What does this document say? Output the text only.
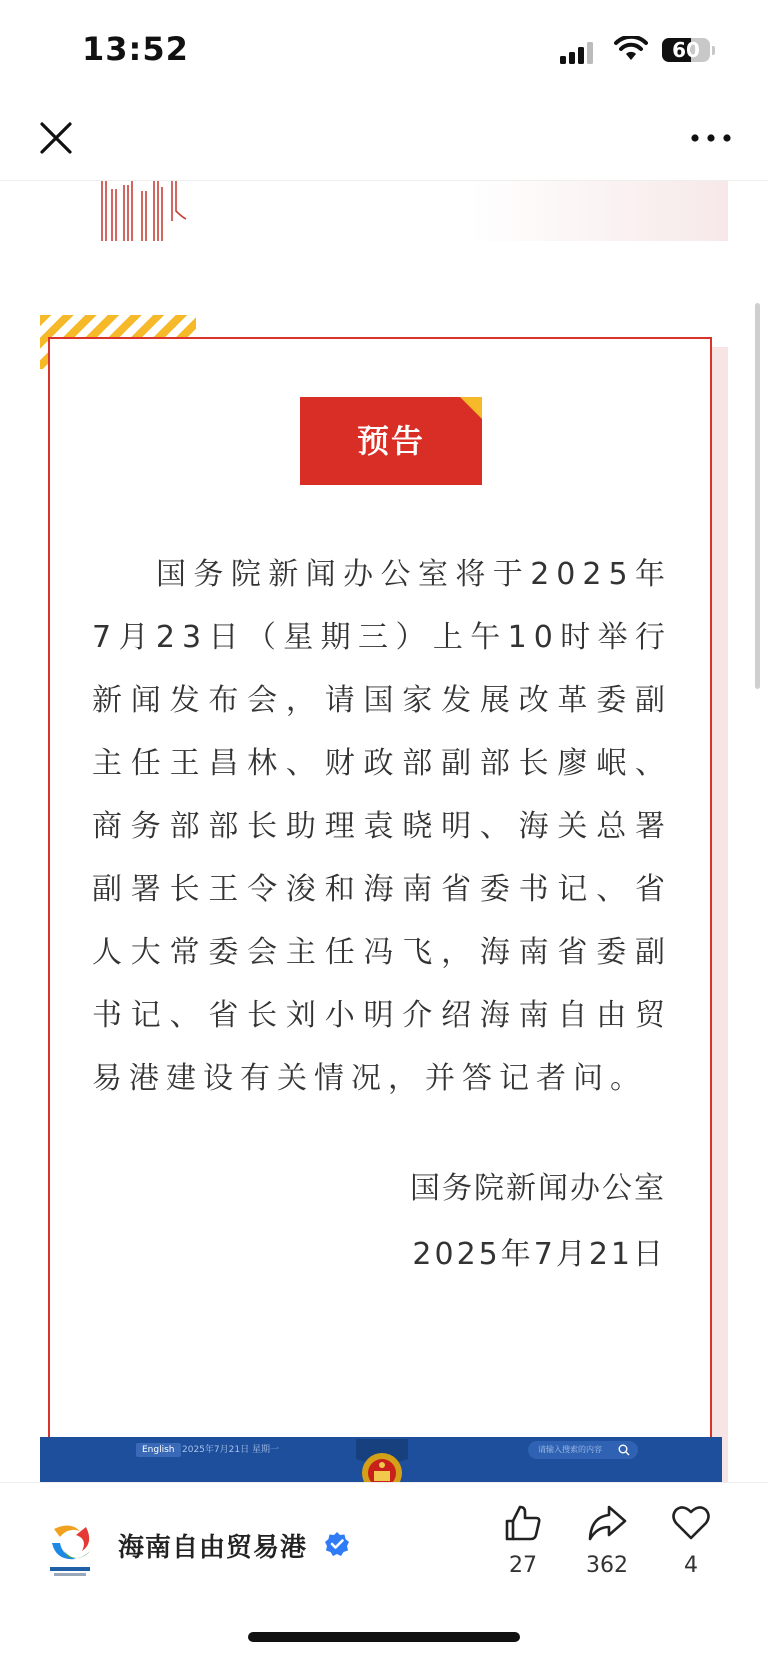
13:52	60
预告

国务院新闻办公室将于2025年7月23日（星期三）上午10时举行新闻发布会，请国家发展改革委副主任王昌林、财政部副部长廖岷、商务部部长助理袁晓明、海关总署副署长王令浚和海南省委书记、省人大常委会主任冯飞，海南省委副书记、省长刘小明介绍海南自由贸易港建设有关情况，并答记者问。

国务院新闻办公室
2025年7月21日
English 2025年7月21日 星期一	请输入搜索的内容
海南自由贸易港
27	362	4
